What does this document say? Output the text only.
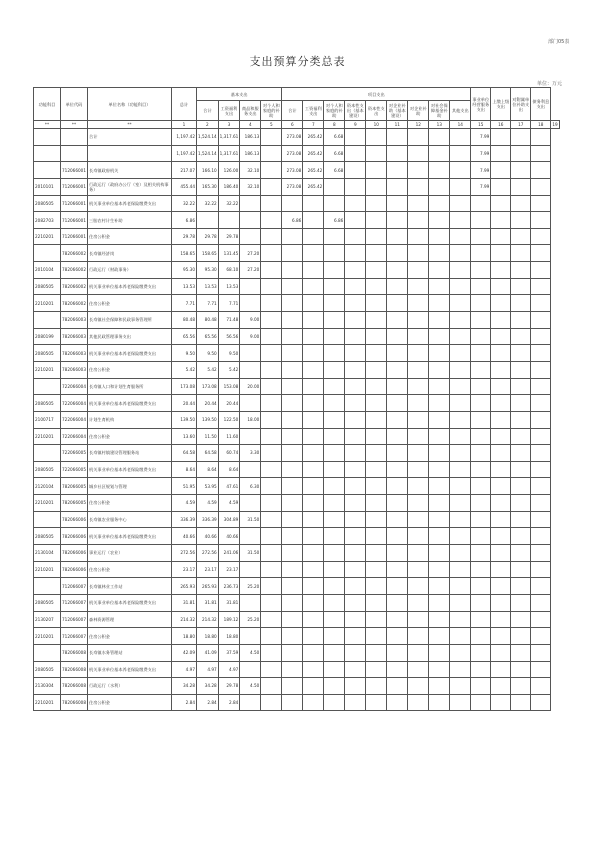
部门05表
支出预算分类总表
单位：万元
功能科目	单位代码	单位名称（功能科目）	总计	基本支出				项目支出									事业单位经营服务支出	上缴上级支出	对附属单位补助支出	债务利息支出	
				合计	工资福利支出	商品和服务支出	对个人和家庭的补助	合计	工资福利支出	对个人和家庭的补助	资本性支出（基本建设）	资本性支出	对企业补助（基本建设）	对企业补助	对社会保障基金补助	其他支出					
**	**	**	1	2	3	4	5	6	7	8	9	10	11	12	13	14	15	16	17	18	19
		合计	1,197.42	1,524.14	1,317.61	186.13		273.08	265.42	6.68							7.99				
			1,197.42	1,524.14	1,317.61	186.13		273.08	265.42	6.68							7.99				
	712066001	长寿镇政府机关	217.07	166.10	126.00	32.10		273.08	265.42	6.68							7.99				
2010101	712066001	行政运行（政府办公厅（室）及相关机构事务）	455.44	165.30	186.40	32.10		273.08	265.42								7.99				
2080505	712066001	机关事业单位基本养老保险缴费支出	32.22	32.22	32.22																
2082703	712066001	三胎农村计生补助	6.86					6.86		6.86											
2210201	712066001	住房公积金	29.78	29.78	29.78																
	782066002	长寿镇经济岗	158.65	158.65	131.45	27.20															
2010104	782066002	行政运行（财政事务）	95.30	95.30	68.10	27.20															
2080505	782066002	机关事业单位基本养老保险缴费支出	13.53	13.53	13.53																
2210201	782066002	住房公积金	7.71	7.71	7.71																
	782066003	长寿镇社会保障和民政事务管理所	80.48	80.48	71.48	9.00															
2080199	782066003	其他民政管理事务支出	65.56	65.56	56.56	9.00															
2080505	782066003	机关事业单位基本养老保险缴费支出	9.50	9.50	9.50																
2210201	782066003	住房公积金	5.42	5.42	5.42																
	722066004	长寿镇人口和计划生育服务所	173.08	173.08	153.08	20.00															
2080505	722066004	机关事业单位基本养老保险缴费支出	20.44	20.44	20.44																
2100717	722066004	计划生育机构	139.50	139.50	122.50	18.00															
2210201	722066004	住房公积金	13.60	11.50	11.60																
	722066005	长寿镇村镇建设管理服务站	64.58	64.58	60.74	3.30															
2080505	722066005	机关事业单位基本养老保险缴费支出	8.64	8.64	8.64																
2120104	782066005	城乡社区规划与管理	51.95	53.95	47.61	6.30															
2210201	782066005	住房公积金	4.59	4.59	4.59																
	782066006	长寿镇农业服务中心	336.39	336.39	304.89	31.50															
2080505	782066006	机关事业单位基本养老保险缴费支出	40.66	40.66	40.66																
2130104	782066006	事业运行（农业）	272.56	272.56	241.06	31.50															
2210201	782066006	住房公积金	23.17	23.17	23.17																
	712066007	长寿镇林业工作站	265.93	265.93	236.73	25.20															
2080505	712066007	机关事业单位基本养老保险缴费支出	31.81	31.81	31.81																
2130207	712066007	森林资源管理	214.32	214.32	189.12	25.20															
2210201	712066007	住房公积金	18.80	18.80	18.80																
	782066008	长寿镇水务管理站	42.09	41.09	37.59	4.50															
2080505	782066008	机关事业单位基本养老保险缴费支出	4.97	4.97	4.97																
2130304	782066008	行政运行（水利）	34.28	34.28	29.78	4.50															
2210201	782066008	住房公积金	2.84	2.84	2.84																
